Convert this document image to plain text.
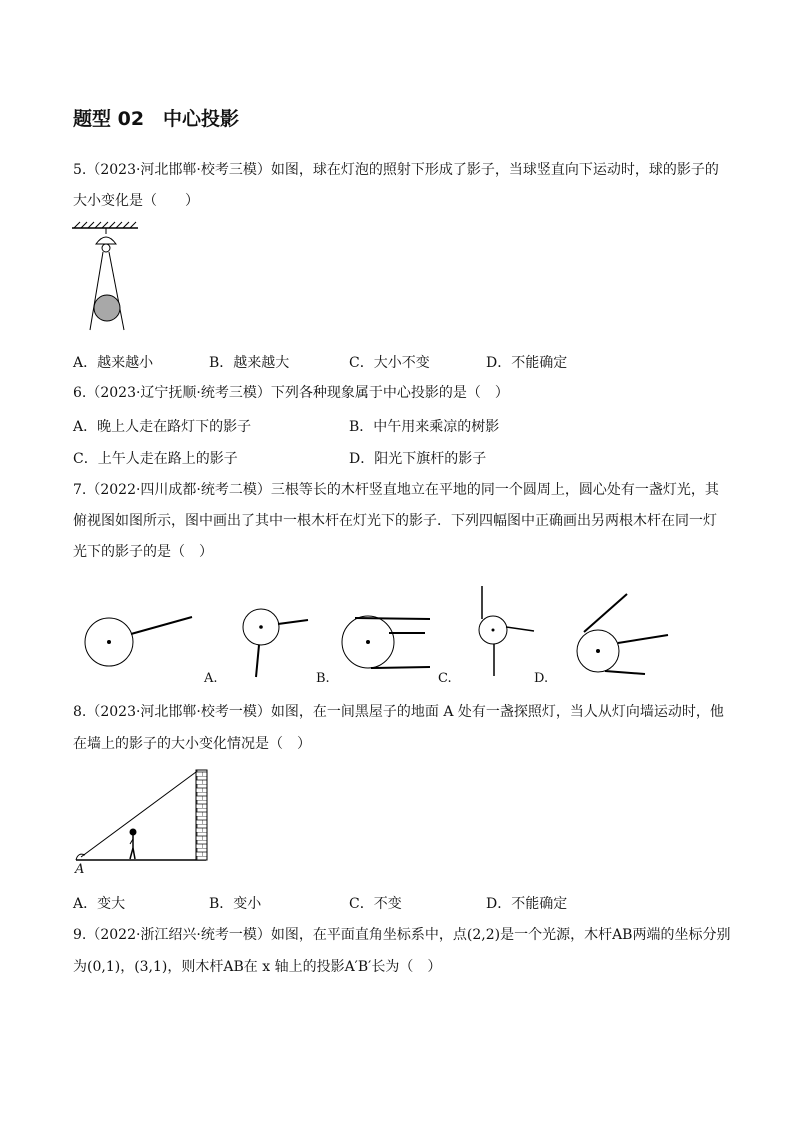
题型 02　中心投影
5.（2023·河北邯郸·校考三模）如图，球在灯泡的照射下形成了影子，当球竖直向下运动时，球的影子的
大小变化是（　　）
A．越来越小	B．越来越大	C．大小不变	D．不能确定
6.（2023·辽宁抚顺·统考三模）下列各种现象属于中心投影的是（　）
A．晚上人走在路灯下的影子	B．中午用来乘凉的树影
C．上午人走在路上的影子	D．阳光下旗杆的影子
7.（2022·四川成都·统考二模）三根等长的木杆竖直地立在平地的同一个圆周上，圆心处有一盏灯光，其
俯视图如图所示，图中画出了其中一根木杆在灯光下的影子．下列四幅图中正确画出另两根木杆在同一灯
光下的影子的是（　）
A.	B.	C.	D.
8.（2023·河北邯郸·校考一模）如图，在一间黑屋子的地面 A 处有一盏探照灯，当人从灯向墙运动时，他
在墙上的影子的大小变化情况是（　）
A
A．变大	B．变小	C．不变	D．不能确定
9.（2022·浙江绍兴·统考一模）如图，在平面直角坐标系中，点(2,2)是一个光源，木杆AB两端的坐标分别
为(0,1)，(3,1)，则木杆AB在 x 轴上的投影A′B′长为（　）
